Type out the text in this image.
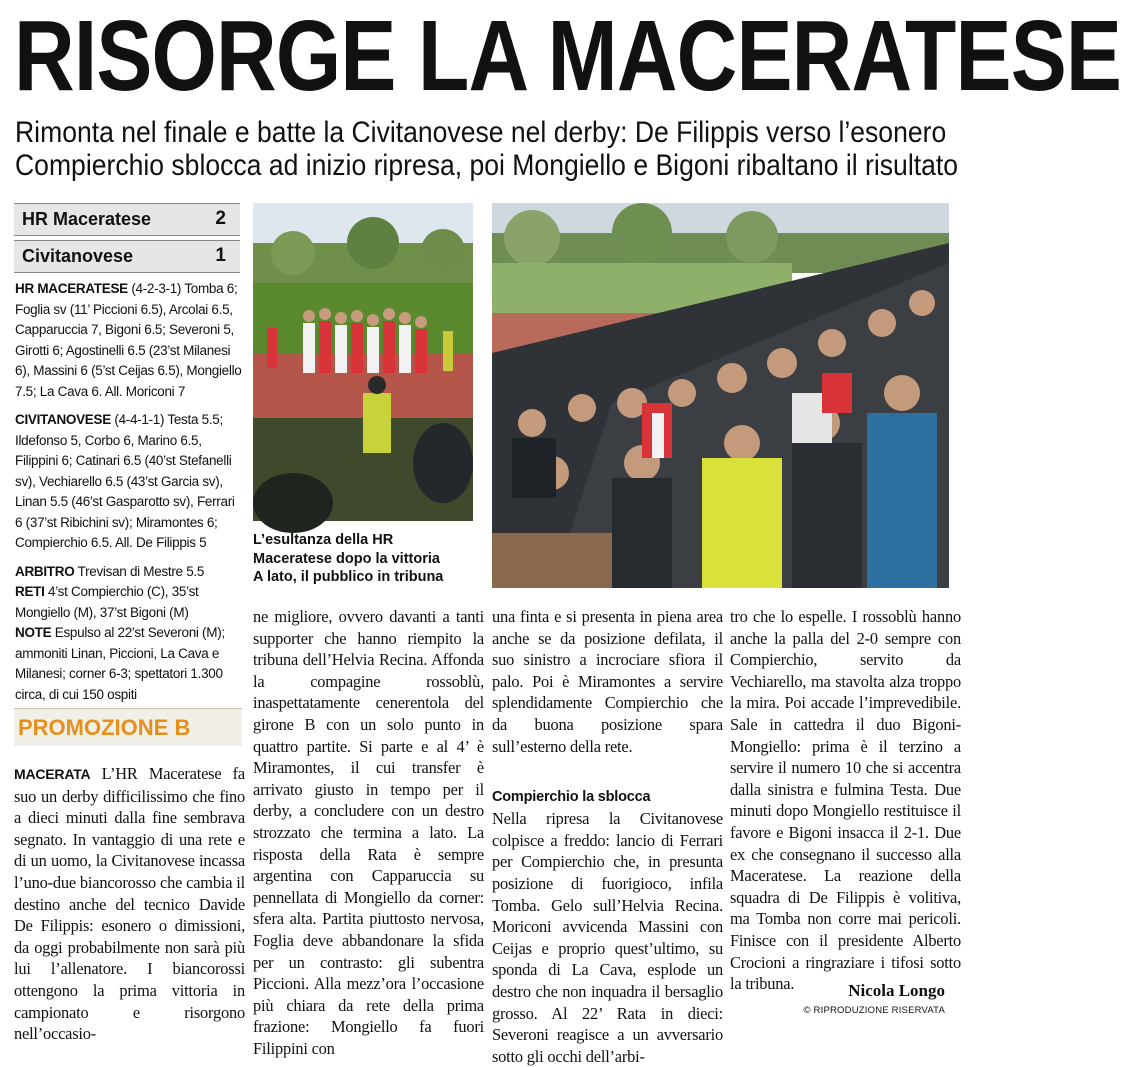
RISORGE LA MACERATESE
Rimonta nel finale e batte la Civitanovese nel derby: De Filippis verso l’esonero
Compierchio sblocca ad inizio ripresa, poi Mongiello e Bigoni ribaltano il risultato
HR Maceratese	2
Civitanovese	1

HR MACERATESE (4-2-3-1) Tomba 6; Foglia sv (11’ Piccioni 6.5), Arcolai 6.5, Capparuccia 7, Bigoni 6.5; Severoni 5, Girotti 6; Agostinelli 6.5 (23’st Milanesi 6), Massini 6 (5’st Ceijas 6.5), Mongiello 7.5; La Cava 6. All. Moriconi 7

CIVITANOVESE (4-4-1-1) Testa 5.5; Ildefonso 5, Corbo 6, Marino 6.5, Filippini 6; Catinari 6.5 (40’st Stefanelli sv), Vechiarello 6.5 (43’st Garcia sv), Linan 5.5 (46’st Gasparotto sv), Ferrari 6 (37’st Ribichini sv); Miramontes 6; Compierchio 6.5. All. De Filippis 5

ARBITRO Trevisan di Mestre 5.5

RETI 4’st Compierchio (C), 35’st Mongiello (M), 37’st Bigoni (M)

NOTE Espulso al 22’st Severoni (M); ammoniti Linan, Piccioni, La Cava e Milanesi; corner 6-3; spettatori 1.300 circa, di cui 150 ospiti

PROMOZIONE B
L’esultanza della HR
Maceratese dopo la vittoria
A lato, il pubblico in tribuna

MACERATA L’HR Maceratese fa suo un derby difficilissimo che fino a dieci minuti dalla fine sembrava segnato. In vantaggio di una rete e di un uomo, la Civitanovese incassa l’uno-due biancorosso che cambia il destino anche del tecnico Davide De Filippis: esonero o dimissioni, da oggi probabilmente non sarà più lui l’allenatore. I biancorossi ottengono la prima vittoria in campionato e risorgono nell’occasio-

ne migliore, ovvero davanti a tanti supporter che hanno riempito la tribuna dell’Helvia Recina. Affonda la compagine rossoblù, inaspettatamente cenerentola del girone B con un solo punto in quattro partite. Si parte e al 4’ è Miramontes, il cui transfer è arrivato giusto in tempo per il derby, a concludere con un destro strozzato che termina a lato. La risposta della Rata è sempre argentina con Capparuccia su pennellata di Mongiello da corner: sfera alta. Partita piuttosto nervosa, Foglia deve abbandonare la sfida per un contrasto: gli subentra Piccioni. Alla mezz’ora l’occasione più chiara da rete della prima frazione: Mongiello fa fuori Filippini con

una finta e si presenta in piena area anche se da posizione defilata, il suo sinistro a incrociare sfiora il palo. Poi è Miramontes a servire splendidamente Compierchio che da buona posizione spara sull’esterno della rete.

Compierchio la sblocca

Nella ripresa la Civitanovese colpisce a freddo: lancio di Ferrari per Compierchio che, in presunta posizione di fuorigioco, infila Tomba. Gelo sull’Helvia Recina. Moriconi avvicenda Massini con Ceijas e proprio quest’ultimo, su sponda di La Cava, esplode un destro che non inquadra il bersaglio grosso. Al 22’ Rata in dieci: Severoni reagisce a un avversario sotto gli occhi dell’arbi-

tro che lo espelle. I rossoblù hanno anche la palla del 2-0 sempre con Compierchio, servito da Vechiarello, ma stavolta alza troppo la mira. Poi accade l’imprevedibile. Sale in cattedra il duo Bigoni-Mongiello: prima è il terzino a servire il numero 10 che si accentra dalla sinistra e fulmina Testa. Due minuti dopo Mongiello restituisce il favore e Bigoni insacca il 2-1. Due ex che consegnano il successo alla Maceratese. La reazione della squadra di De Filippis è volitiva, ma Tomba non corre mai pericoli. Finisce con il presidente Alberto Crocioni a ringraziare i tifosi sotto la tribuna.	Nicola Longo
© RIPRODUZIONE RISERVATA
